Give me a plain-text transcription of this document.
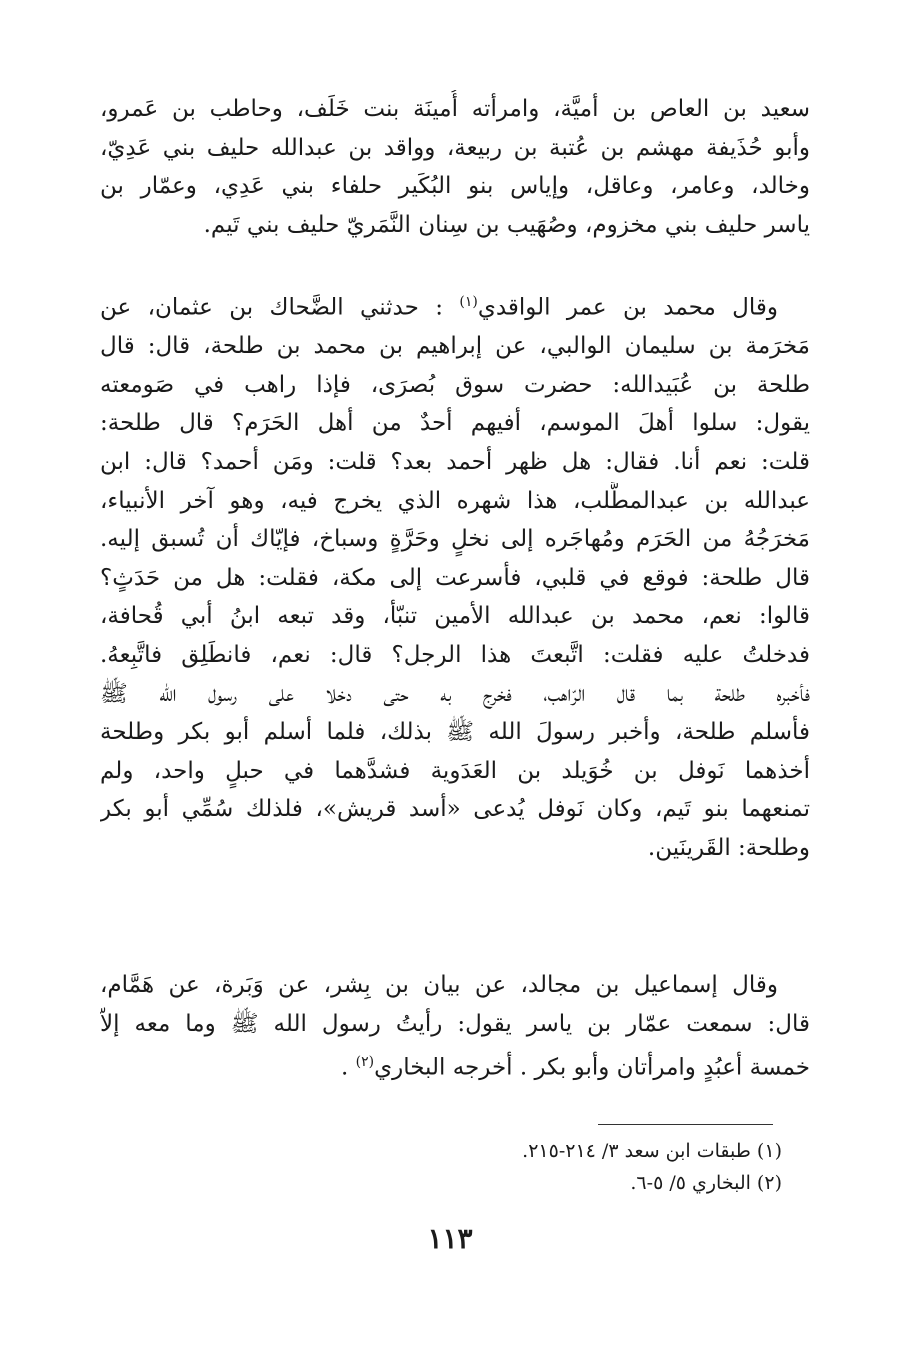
سعيد بن العاص بن أميَّة، وامرأته أُمينَة بنت خَلَف، وحاطب بن عَمرو،
وأبو حُذَيفة مهشم بن عُتبة بن ربيعة، وواقد بن عبدالله حليف بني عَدِيّ،
وخالد، وعامر، وعاقل، وإياس بنو البُكَير حلفاء بني عَدِي، وعمّار بن
ياسر حليف بني مخزوم، وصُهَيب بن سِنان النَّمَريّ حليف بني تَيم.
وقال محمد بن عمر الواقدي$^{(١)}$ : حدثني الضَّحاك بن عثمان، عن
مَخرَمة بن سليمان الوالبي، عن إبراهيم بن محمد بن طلحة، قال: قال
طلحة بن عُبَيدالله: حضرت سوق بُصرَى، فإذا راهب في صَومعته
يقول: سلوا أهلَ الموسم، أفيهم أحدٌ من أهل الحَرَم؟ قال طلحة:
قلت: نعم أنا. فقال: هل ظهر أحمد بعد؟ قلت: ومَن أحمد؟ قال: ابن
عبدالله بن عبدالمطَّلب، هذا شهره الذي يخرج فيه، وهو آخر الأنبياء،
مَخرَجُهُ من الحَرَم ومُهاجَره إلى نخلٍ وحَرَّةٍ وسباخ، فإيّاك أن تُسبق إليه.
قال طلحة: فوقع في قلبي، فأسرعت إلى مكة، فقلت: هل من حَدَثٍ؟
قالوا: نعم، محمد بن عبدالله الأمين تنبّأ، وقد تبعه ابنُ أبي قُحافة،
فدخلتُ عليه فقلت: اتَّبعتَ هذا الرجل؟ قال: نعم، فانطَلِق فاتَّبِعهُ.
فأخبره طلحة بما قال الرّاهب، فخرج به حتى دخلا على رسول الله ﷺ
فأسلم طلحة، وأخبر رسولَ الله ﷺ بذلك، فلما أسلم أبو بكر وطلحة
أخذهما نَوفل بن خُوَيلد بن العَدَوية فشدَّهما في حبلٍ واحد، ولم
تمنعهما بنو تَيم، وكان نَوفل يُدعى «أسد قريش»، فلذلك سُمِّي أبو بكر
وطلحة: القَرينَين.
وقال إسماعيل بن مجالد، عن بيان بن بِشر، عن وَبَرة، عن هَمَّام،
قال: سمعت عمّار بن ياسر يقول: رأيتُ رسول الله ﷺ وما معه إلاّ
خمسة أعبُدٍ وامرأتان وأبو بكر . أخرجه البخاري$^{(٢)}$ .
(١) طبقات ابن سعد ٣/ ٢١٤-٢١٥.
(٢) البخاري ٥/ ٥-٦.
١١٣
